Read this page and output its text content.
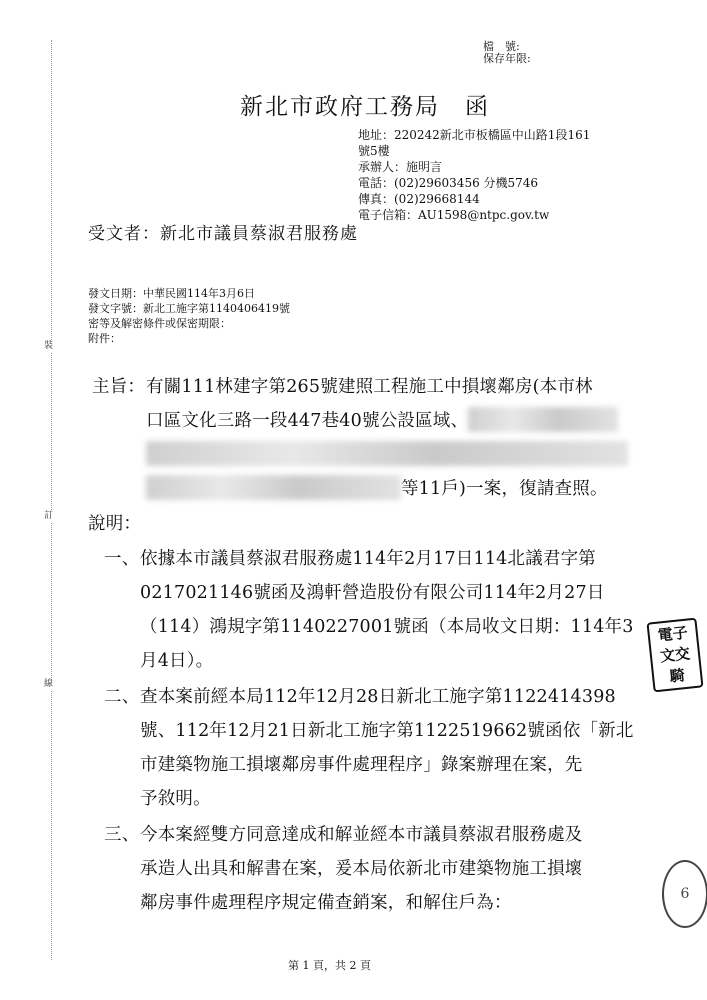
檔　號:
保存年限:
裝
訂
線
新北市政府工務局　函
地址：220242新北市板橋區中山路1段161
號5樓
承辦人：施明言
電話：(02)29603456 分機5746
傳真：(02)29668144
電子信箱：AU1598@ntpc.gov.tw
受文者：新北市議員蔡淑君服務處
發文日期：中華民國114年3月6日
發文字號：新北工施字第1140406419號
密等及解密條件或保密期限：
附件：
主旨： 有關111林建字第265號建照工程施工中損壞鄰房(本市林
口區文化三路一段447巷40號公設區域、
等11戶)一案，復請查照。
說明：
一、 依據本市議員蔡淑君服務處114年2月17日114北議君字第
0217021146號函及鴻軒營造股份有限公司114年2月27日
（114）鴻規字第1140227001號函（本局收文日期：114年3
月4日）。
二、 查本案前經本局112年12月28日新北工施字第1122414398
號、112年12月21日新北工施字第1122519662號函依「新北
市建築物施工損壞鄰房事件處理程序」錄案辦理在案，先
予敘明。
三、 今本案經雙方同意達成和解並經本市議員蔡淑君服務處及
承造人出具和解書在案，爰本局依新北市建築物施工損壞
鄰房事件處理程序規定備查銷案，和解住戶為：
電子
文交
騎
6
第 1 頁，共 2 頁
